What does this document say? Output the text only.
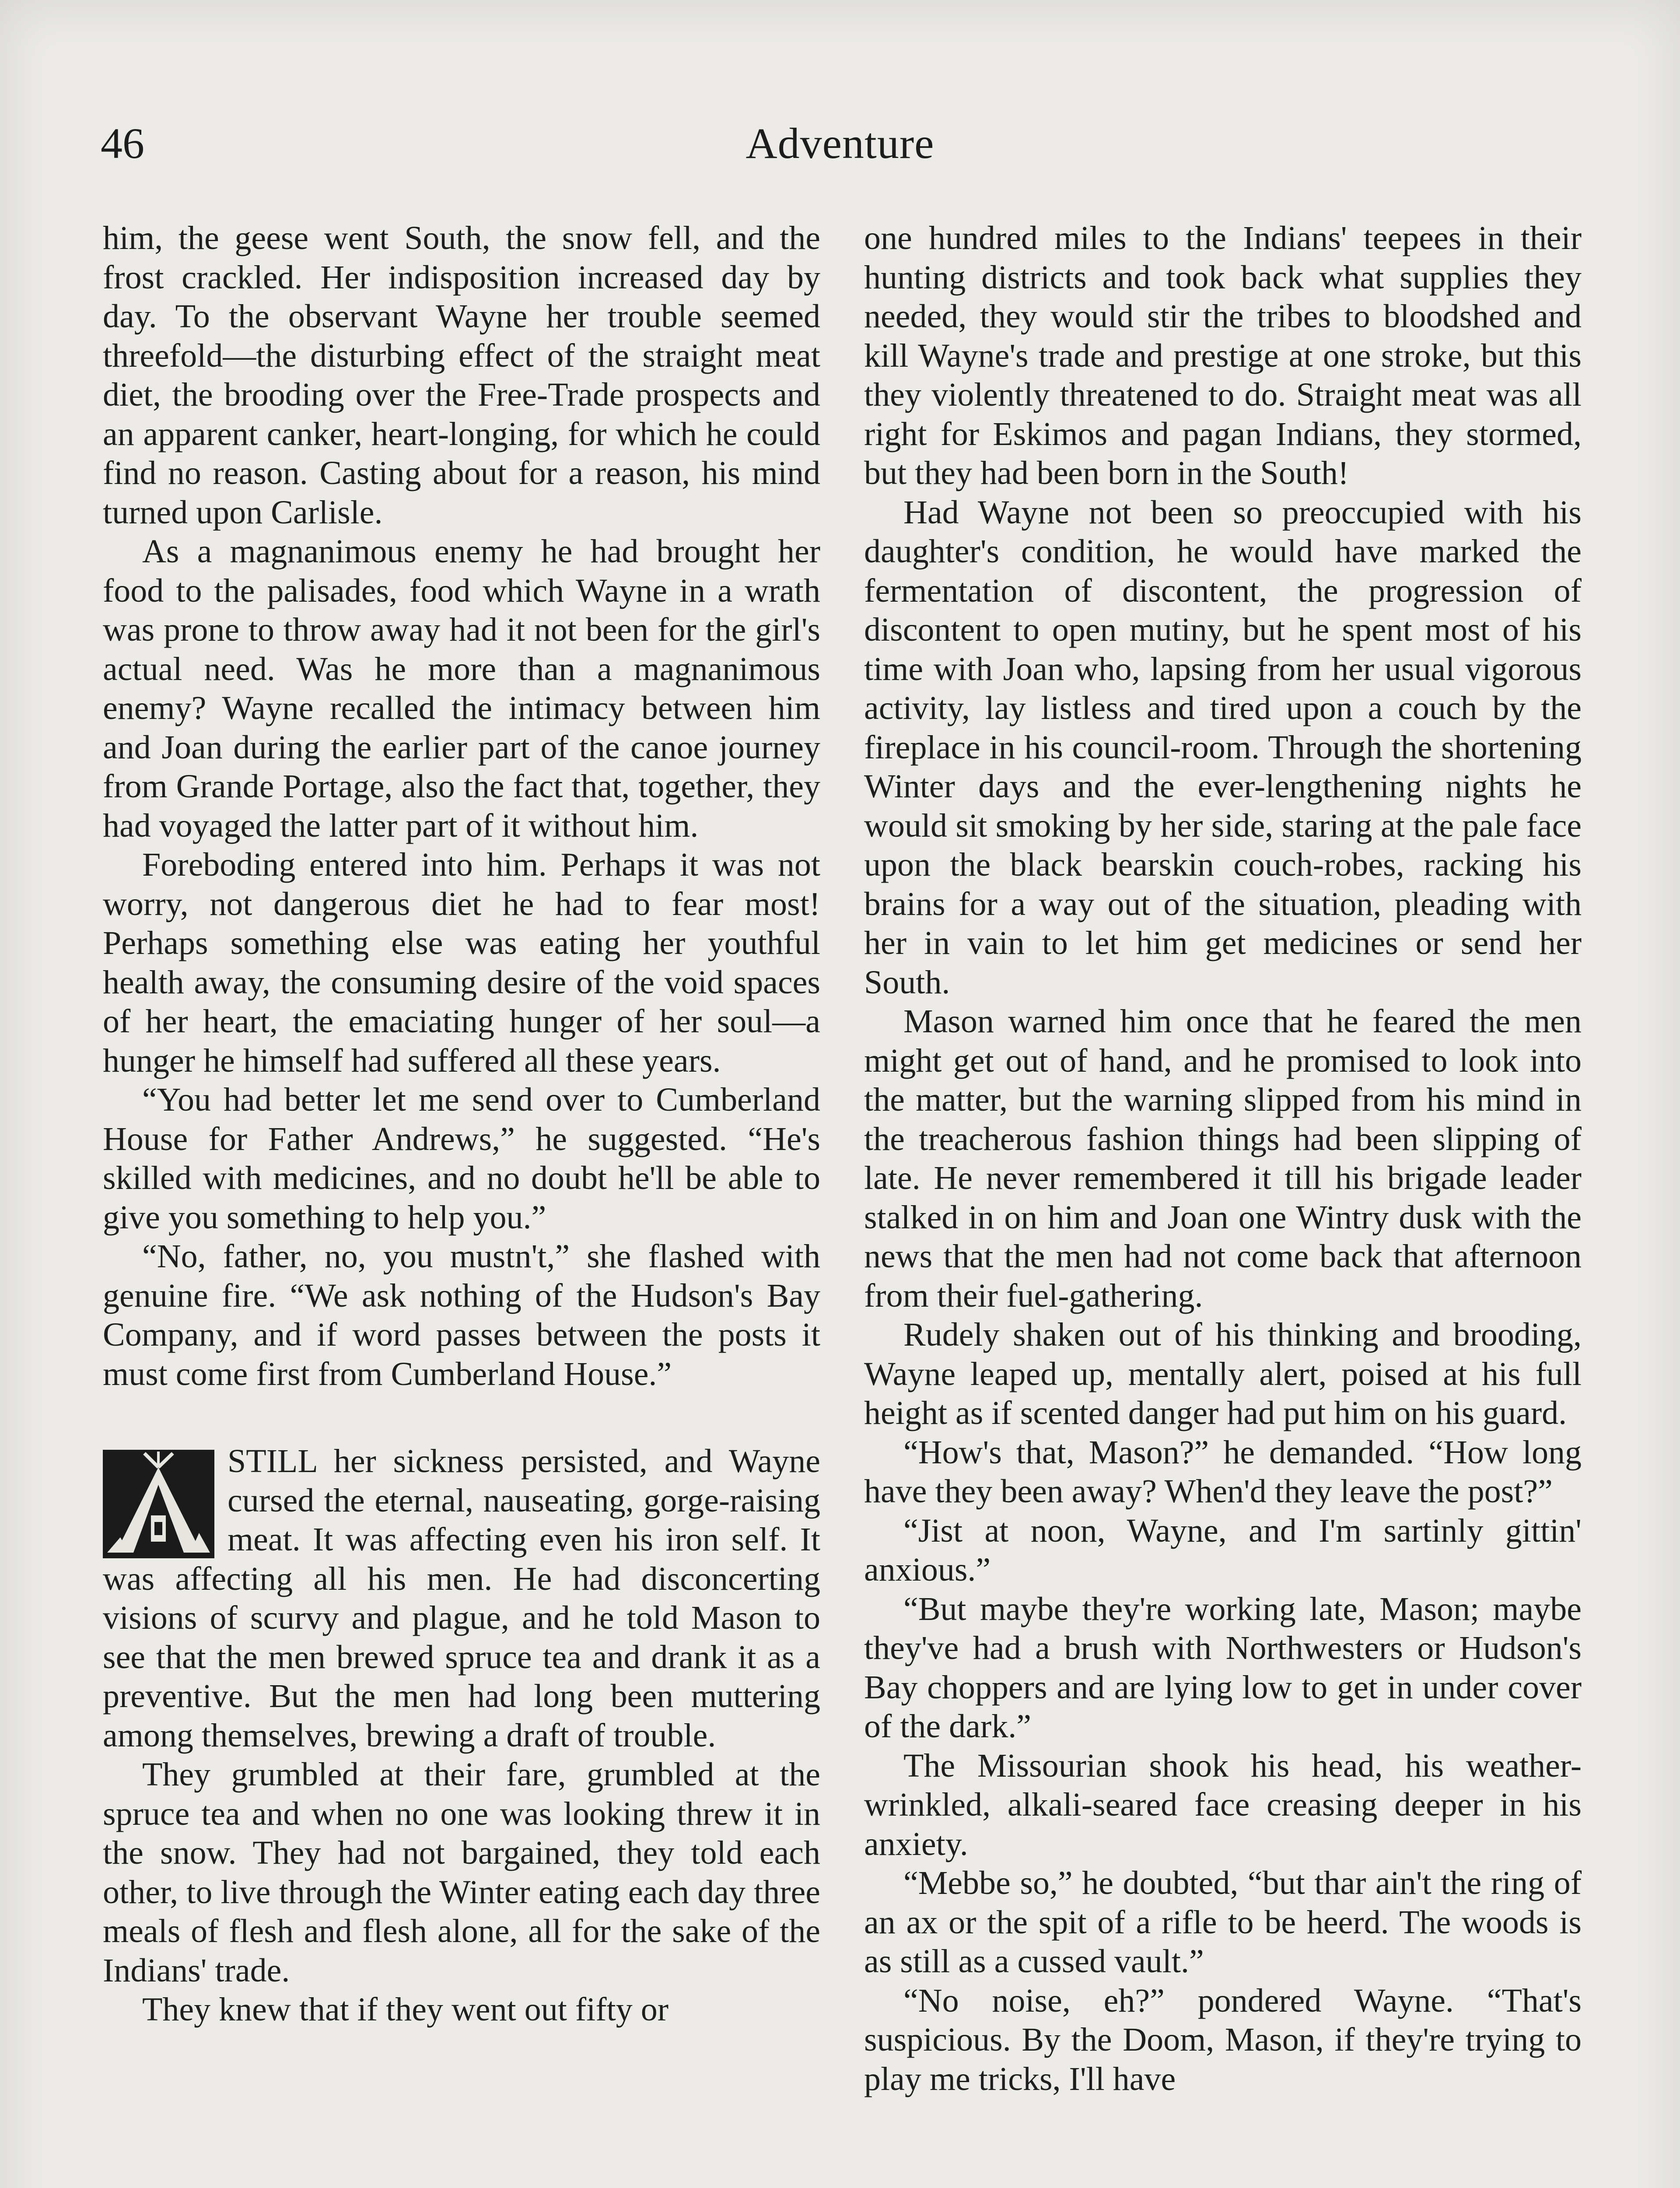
46	Adventure

him, the geese went South, the snow fell, and the frost crackled. Her indisposition increased day by day. To the observant Wayne her trouble seemed threefold—the disturbing effect of the straight meat diet, the brooding over the Free-Trade prospects and an apparent canker, heart-longing, for which he could find no reason. Casting about for a reason, his mind turned upon Carlisle.

As a magnanimous enemy he had brought her food to the palisades, food which Wayne in a wrath was prone to throw away had it not been for the girl's actual need. Was he more than a magnanimous enemy? Wayne recalled the intimacy between him and Joan during the earlier part of the canoe journey from Grande Portage, also the fact that, together, they had voyaged the latter part of it without him.

Foreboding entered into him. Perhaps it was not worry, not dangerous diet he had to fear most! Perhaps something else was eating her youthful health away, the consuming desire of the void spaces of her heart, the emaciating hunger of her soul—a hunger he himself had suffered all these years.

“You had better let me send over to Cumberland House for Father Andrews,” he suggested. “He's skilled with medicines, and no doubt he'll be able to give you something to help you.”

“No, father, no, you mustn't,” she flashed with genuine fire. “We ask nothing of the Hudson's Bay Company, and if word passes between the posts it must come first from Cumberland House.”

STILL her sickness persisted, and Wayne cursed the eternal, nauseating, gorge-raising meat. It was affecting even his iron self. It was affecting all his men. He had disconcerting visions of scurvy and plague, and he told Mason to see that the men brewed spruce tea and drank it as a preventive. But the men had long been muttering among themselves, brewing a draft of trouble.

They grumbled at their fare, grumbled at the spruce tea and when no one was looking threw it in the snow. They had not bargained, they told each other, to live through the Winter eating each day three meals of flesh and flesh alone, all for the sake of the Indians' trade.

They knew that if they went out fifty or

one hundred miles to the Indians' teepees in their hunting districts and took back what supplies they needed, they would stir the tribes to bloodshed and kill Wayne's trade and prestige at one stroke, but this they violently threatened to do. Straight meat was all right for Eskimos and pagan Indians, they stormed, but they had been born in the South!

Had Wayne not been so preoccupied with his daughter's condition, he would have marked the fermentation of discontent, the progression of discontent to open mutiny, but he spent most of his time with Joan who, lapsing from her usual vigorous activity, lay listless and tired upon a couch by the fireplace in his council-room. Through the shortening Winter days and the ever-lengthening nights he would sit smoking by her side, staring at the pale face upon the black bearskin couch-robes, racking his brains for a way out of the situation, pleading with her in vain to let him get medicines or send her South.

Mason warned him once that he feared the men might get out of hand, and he promised to look into the matter, but the warning slipped from his mind in the treacherous fashion things had been slipping of late. He never remembered it till his brigade leader stalked in on him and Joan one Wintry dusk with the news that the men had not come back that afternoon from their fuel-gathering.

Rudely shaken out of his thinking and brooding, Wayne leaped up, mentally alert, poised at his full height as if scented danger had put him on his guard.

“How's that, Mason?” he demanded. “How long have they been away? When'd they leave the post?”

“Jist at noon, Wayne, and I'm sartinly gittin' anxious.”

“But maybe they're working late, Mason; maybe they've had a brush with Northwesters or Hudson's Bay choppers and are lying low to get in under cover of the dark.”

The Missourian shook his head, his weather-wrinkled, alkali-seared face creasing deeper in his anxiety.

“Mebbe so,” he doubted, “but thar ain't the ring of an ax or the spit of a rifle to be heerd. The woods is as still as a cussed vault.”

“No noise, eh?” pondered Wayne. “That's suspicious. By the Doom, Mason, if they're trying to play me tricks, I'll have
